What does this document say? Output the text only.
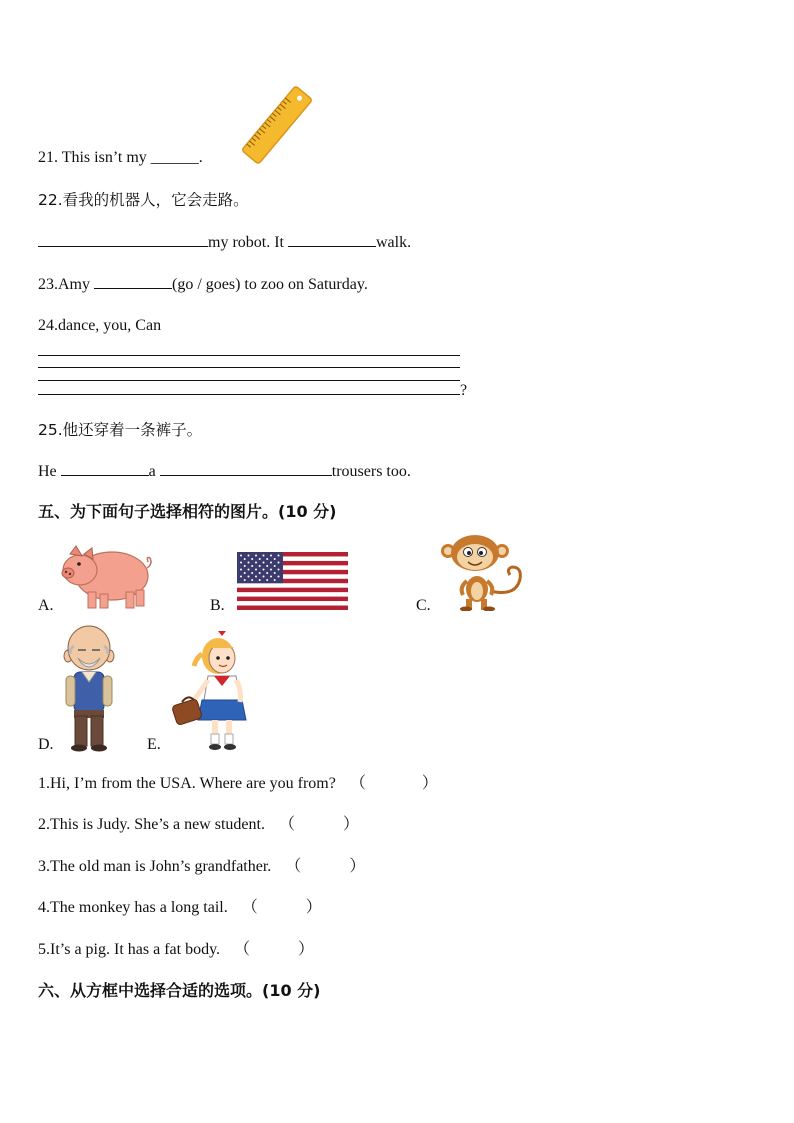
21. This isn’t my ______.
22.看我的机器人，它会走路。
my robot. It	walk.
23.Amy	(go / goes) to zoo on Saturday.
24.dance, you, Can
?
25.他还穿着一条裤子。
He	a	trousers too.
五、为下面句子选择相符的图片。(10 分)
A.	B.	C.
D.	E.
1.Hi, I’m from the USA. Where are you from? （	）
2.This is Judy. She’s a new student. （	）
3.The old man is John’s grandfather. （	）
4.The monkey has a long tail. （	）
5.It’s a pig. It has a fat body. （	）
六、从方框中选择合适的选项。(10 分)
